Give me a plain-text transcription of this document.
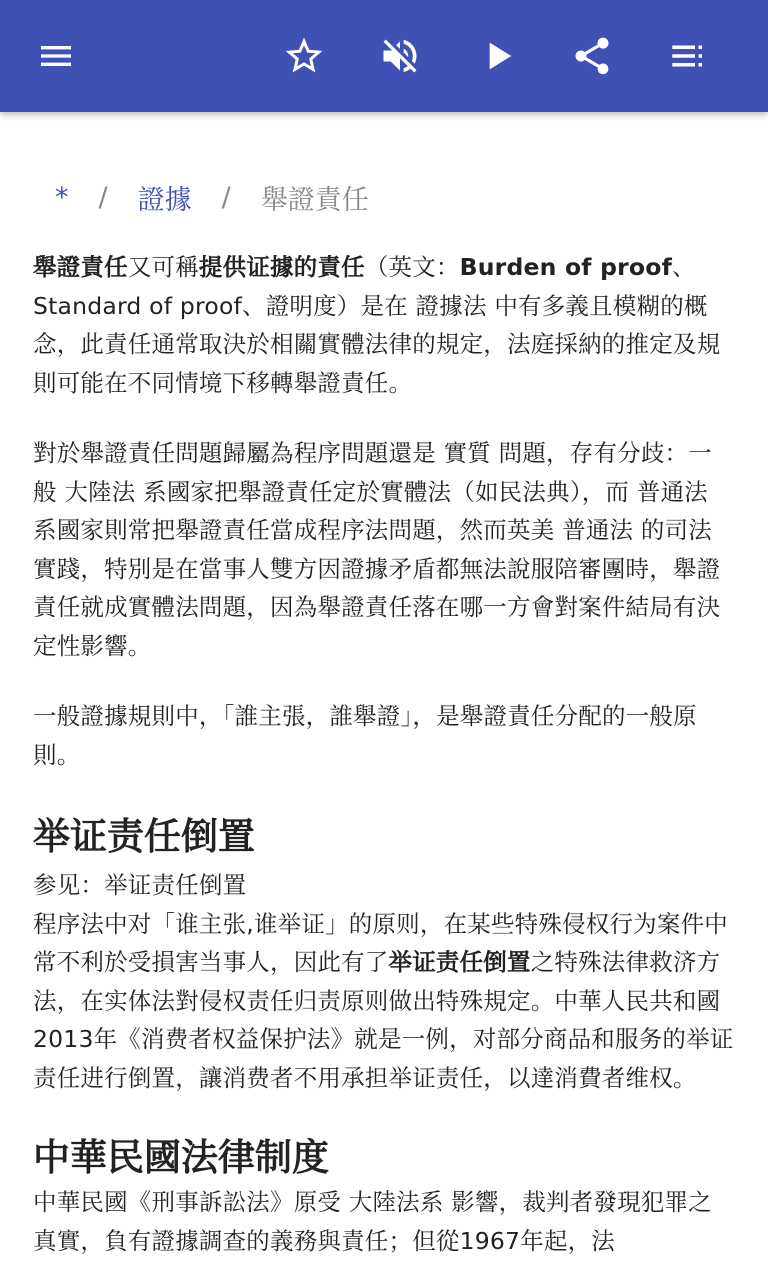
* / 證據 / 舉證責任

舉證責任又可稱提供证據的責任（英文：Burden of proof、Standard of proof、證明度）是在 證據法 中有多義且模糊的概念，此責任通常取決於相關實體法律的規定，法庭採納的推定及規則可能在不同情境下移轉舉證責任。

對於舉證責任問題歸屬為程序問題還是 實質 問題，存有分歧：一般 大陸法 系國家把舉證責任定於實體法（如民法典），而 普通法 系國家則常把舉證責任當成程序法問題，然而英美 普通法 的司法實踐，特別是在當事人雙方因證據矛盾都無法說服陪審團時，舉證責任就成實體法問題，因為舉證責任落在哪一方會對案件結局有決定性影響。

一般證據規則中，「誰主張，誰舉證」，是舉證責任分配的一般原則。

举证责任倒置

参见：举证责任倒置

程序法中对「谁主张,谁举证」的原则，在某些特殊侵权行为案件中常不利於受損害当事人，因此有了举证责任倒置之特殊法律救济方法，在实体法對侵权责任归责原则做出特殊規定。中華人民共和國2013年《消费者权益保护法》就是一例，对部分商品和服务的举证责任进行倒置，讓消费者不用承担举证责任，以達消費者维权。

中華民國法律制度

中華民國《刑事訴訟法》原受 大陸法系 影響，裁判者發現犯罪之真實，負有證據調查的義務與責任；但從1967年起，法
